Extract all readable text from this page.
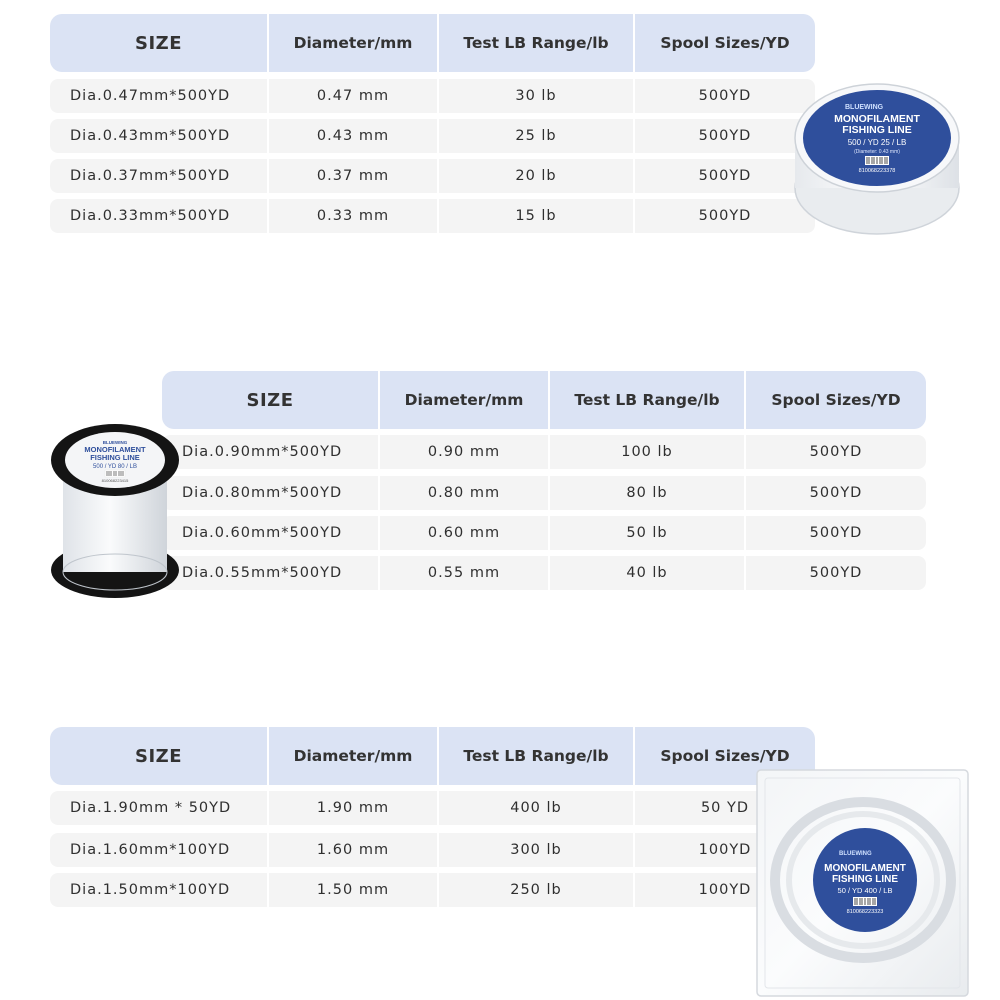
SIZE	Diameter/mm	Test LB Range/lb	Spool Sizes/YD
Dia.0.47mm*500YD	0.47 mm	30 lb	500YD
Dia.0.43mm*500YD	0.43 mm	25 lb	500YD
Dia.0.37mm*500YD	0.37 mm	20 lb	500YD
Dia.0.33mm*500YD	0.33 mm	15 lb	500YD
BLUEWING
MONOFILAMENT
FISHING LINE
500 / YD 25 / LB
(Diameter: 0.43 mm)
810068223378
SIZE	Diameter/mm	Test LB Range/lb	Spool Sizes/YD
Dia.0.90mm*500YD	0.90 mm	100 lb	500YD
Dia.0.80mm*500YD	0.80 mm	80 lb	500YD
Dia.0.60mm*500YD	0.60 mm	50 lb	500YD
Dia.0.55mm*500YD	0.55 mm	40 lb	500YD
BLUEWING
MONOFILAMENT
FISHING LINE
500 / YD 80 / LB
810068223415
SIZE	Diameter/mm	Test LB Range/lb	Spool Sizes/YD
Dia.1.90mm * 50YD	1.90 mm	400 lb	50 YD
Dia.1.60mm*100YD	1.60 mm	300 lb	100YD
Dia.1.50mm*100YD	1.50 mm	250 lb	100YD
BLUEWING
MONOFILAMENT
FISHING LINE
50 / YD 400 / LB
810068223323
